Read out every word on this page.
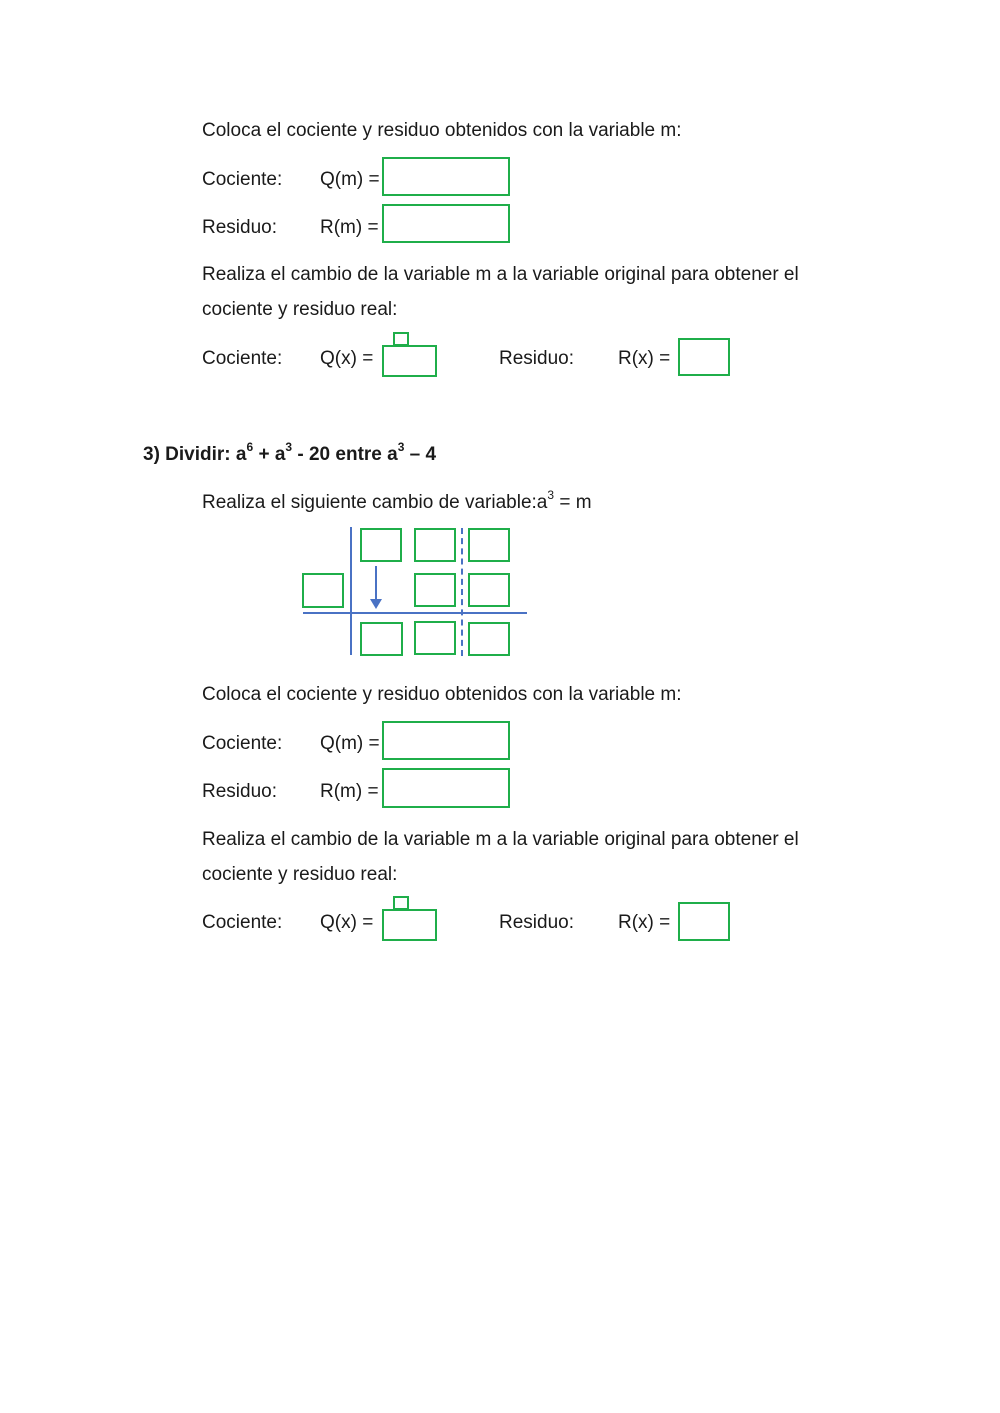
Coloca el cociente y residuo obtenidos con la variable m:
Cociente: Q(m) =
Residuo: R(m) =
Realiza el cambio de la variable m a la variable original para obtener el
cociente y residuo real:
Cociente: Q(x) =	Residuo: R(x) =
3) Dividir: $a^6 + a^3 - 20$ entre $a^3 - 4$
Realiza el siguiente cambio de $variable:a^3 = m$
Coloca el cociente y residuo obtenidos con la variable m:
Cociente: Q(m) =
Residuo: R(m) =
Realiza el cambio de la variable m a la variable original para obtener el
cociente y residuo real:
Cociente: Q(x) =	Residuo: R(x) =
